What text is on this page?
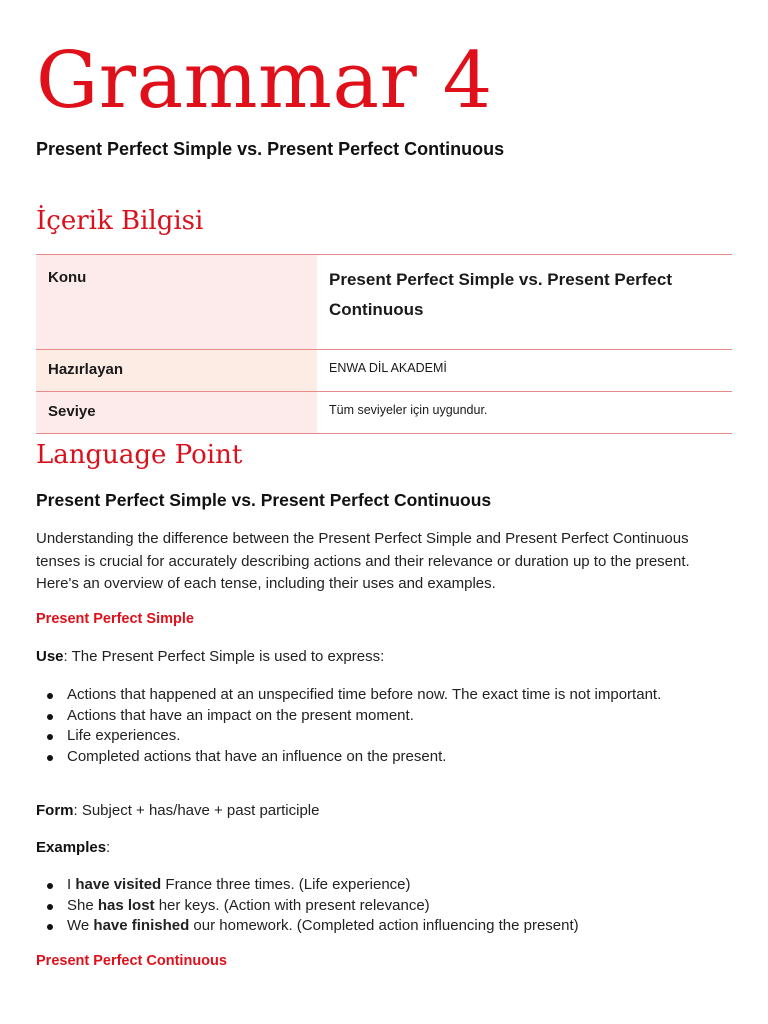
Grammar 4
Present Perfect Simple vs. Present Perfect Continuous
İçerik Bilgisi
Konu	Present Perfect Simple vs. Present Perfect Continuous
Hazırlayan	ENWA DİL AKADEMİ
Seviye	Tüm seviyeler için uygundur.
Language Point
Present Perfect Simple vs. Present Perfect Continuous

Understanding the difference between the Present Perfect Simple and Present Perfect Continuous tenses is crucial for accurately describing actions and their relevance or duration up to the present. Here's an overview of each tense, including their uses and examples.

Present Perfect Simple
Use: The Present Perfect Simple is used to express:
Actions that happened at an unspecified time before now. The exact time is not important.
Actions that have an impact on the present moment.
Life experiences.
Completed actions that have an influence on the present.
Form: Subject + has/have + past participle
Examples:
I have visited France three times. (Life experience)
She has lost her keys. (Action with present relevance)
We have finished our homework. (Completed action influencing the present)
Present Perfect Continuous
